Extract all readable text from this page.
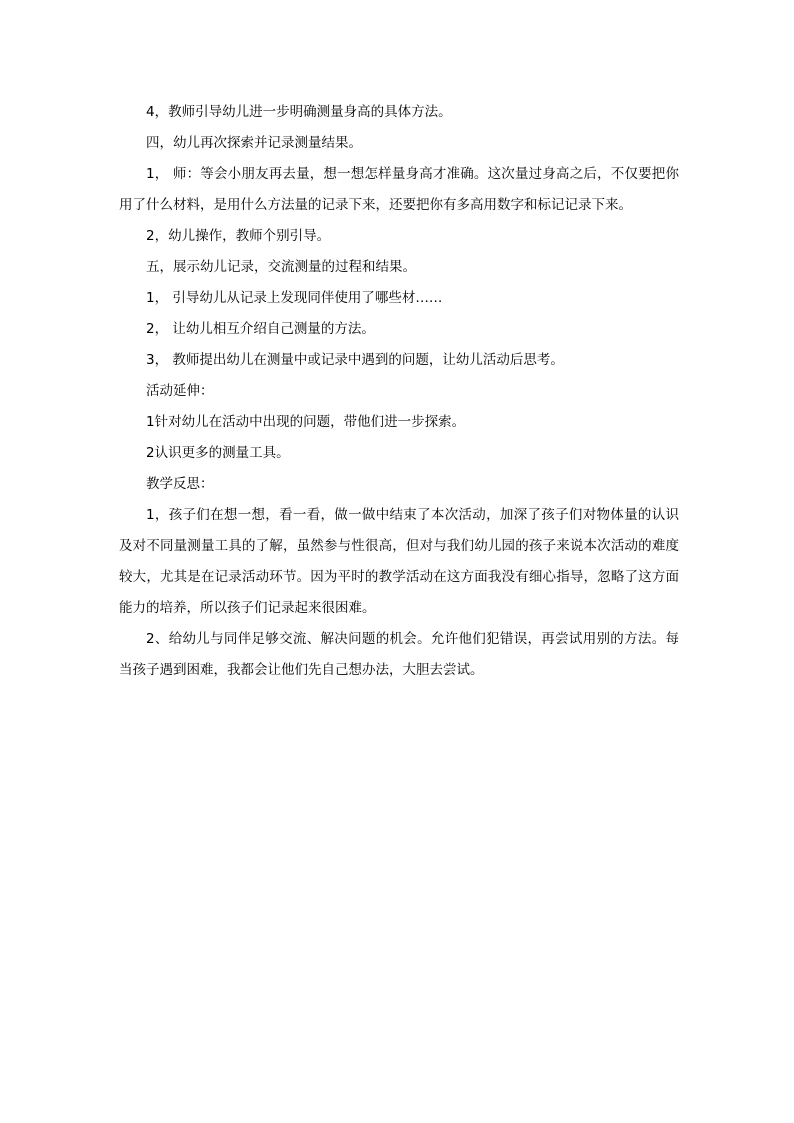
4，教师引导幼儿进一步明确测量身高的具体方法。

四，幼儿再次探索并记录测量结果。

1， 师：等会小朋友再去量，想一想怎样量身高才准确。这次量过身高之后，不仅要把你用了什么材料，是用什么方法量的记录下来，还要把你有多高用数字和标记记录下来。

2，幼儿操作，教师个别引导。

五，展示幼儿记录，交流测量的过程和结果。

1， 引导幼儿从记录上发现同伴使用了哪些材……

2， 让幼儿相互介绍自己测量的方法。

3， 教师提出幼儿在测量中或记录中遇到的问题，让幼儿活动后思考。

活动延伸：

1针对幼儿在活动中出现的问题，带他们进一步探索。

2认识更多的测量工具。

教学反思：

1，孩子们在想一想，看一看，做一做中结束了本次活动，加深了孩子们对物体量的认识及对不同量测量工具的了解，虽然参与性很高，但对与我们幼儿园的孩子来说本次活动的难度较大，尤其是在记录活动环节。因为平时的教学活动在这方面我没有细心指导，忽略了这方面能力的培养，所以孩子们记录起来很困难。

2、给幼儿与同伴足够交流、解决问题的机会。允许他们犯错误，再尝试用别的方法。每当孩子遇到困难，我都会让他们先自己想办法，大胆去尝试。
